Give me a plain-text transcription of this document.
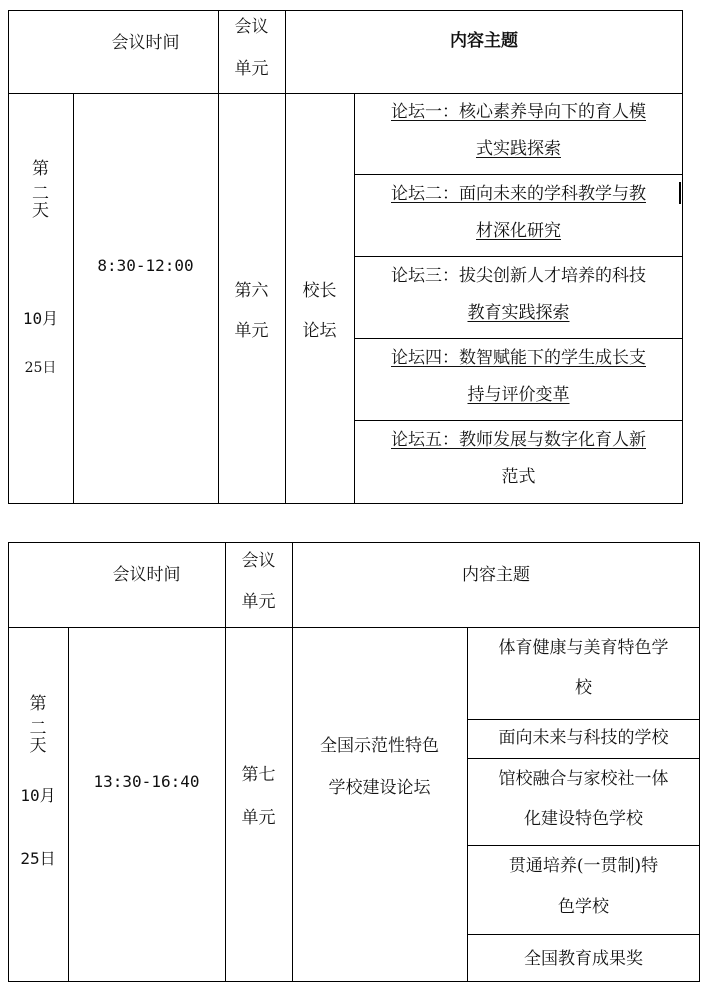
会议时间
会议
单元
内容主题
第
二
天
10月
25日
8:30-12:00
第六
单元
校长
论坛
论坛一：核心素养导向下的育人模
式实践探索
论坛二：面向未来的学科教学与教
材深化研究
论坛三：拔尖创新人才培养的科技
教育实践探索
论坛四：数智赋能下的学生成长支
持与评价变革
论坛五：教师发展与数字化育人新
范式
会议时间
会议
单元
内容主题
第
二
天
10月
25日
13:30-16:40	第七
单元
全国示范性特色
学校建设论坛
体育健康与美育特色学
校
面向未来与科技的学校
馆校融合与家校社一体
化建设特色学校
贯通培养(一贯制)特
色学校
全国教育成果奖
